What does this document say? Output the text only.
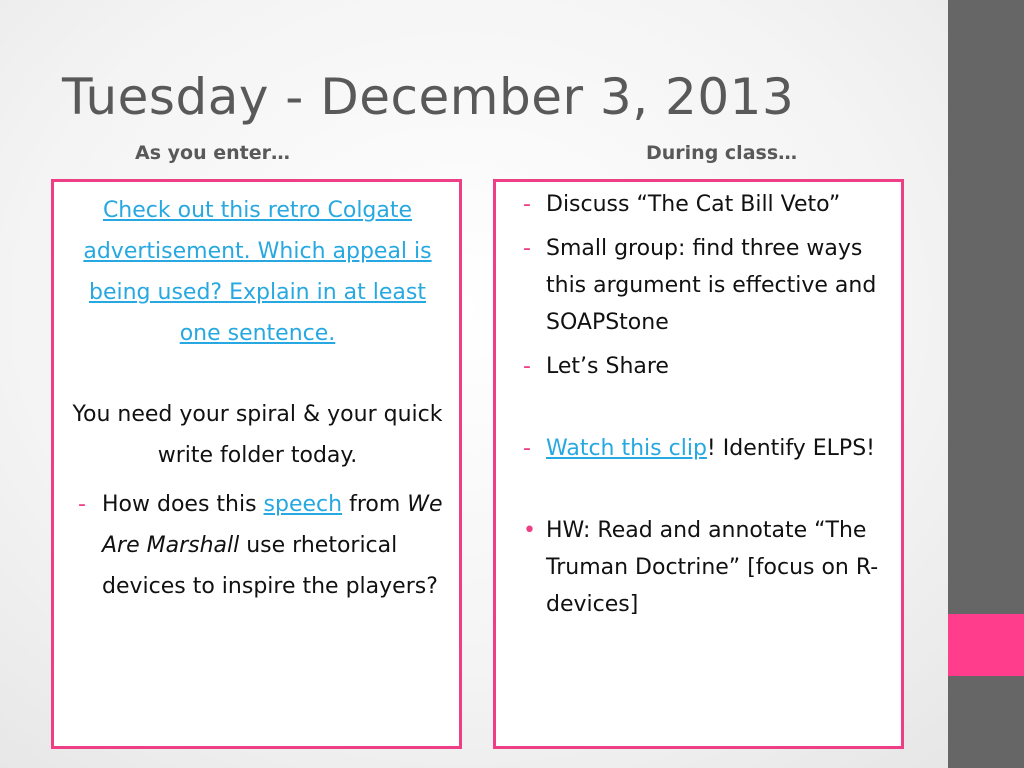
Tuesday - December 3, 2013
As you enter…	During class…
Check out this retro Colgate advertisement. Which appeal is being used? Explain in at least one sentence.
You need your spiral & your quick write folder today.
- How does this speech from We Are Marshall use rhetorical devices to inspire the players?
- Discuss “The Cat Bill Veto”
- Small group: find three ways this argument is effective and SOAPStone
- Let’s Share
- Watch this clip! Identify ELPS!
• HW: Read and annotate “The Truman Doctrine” [focus on R-devices]
